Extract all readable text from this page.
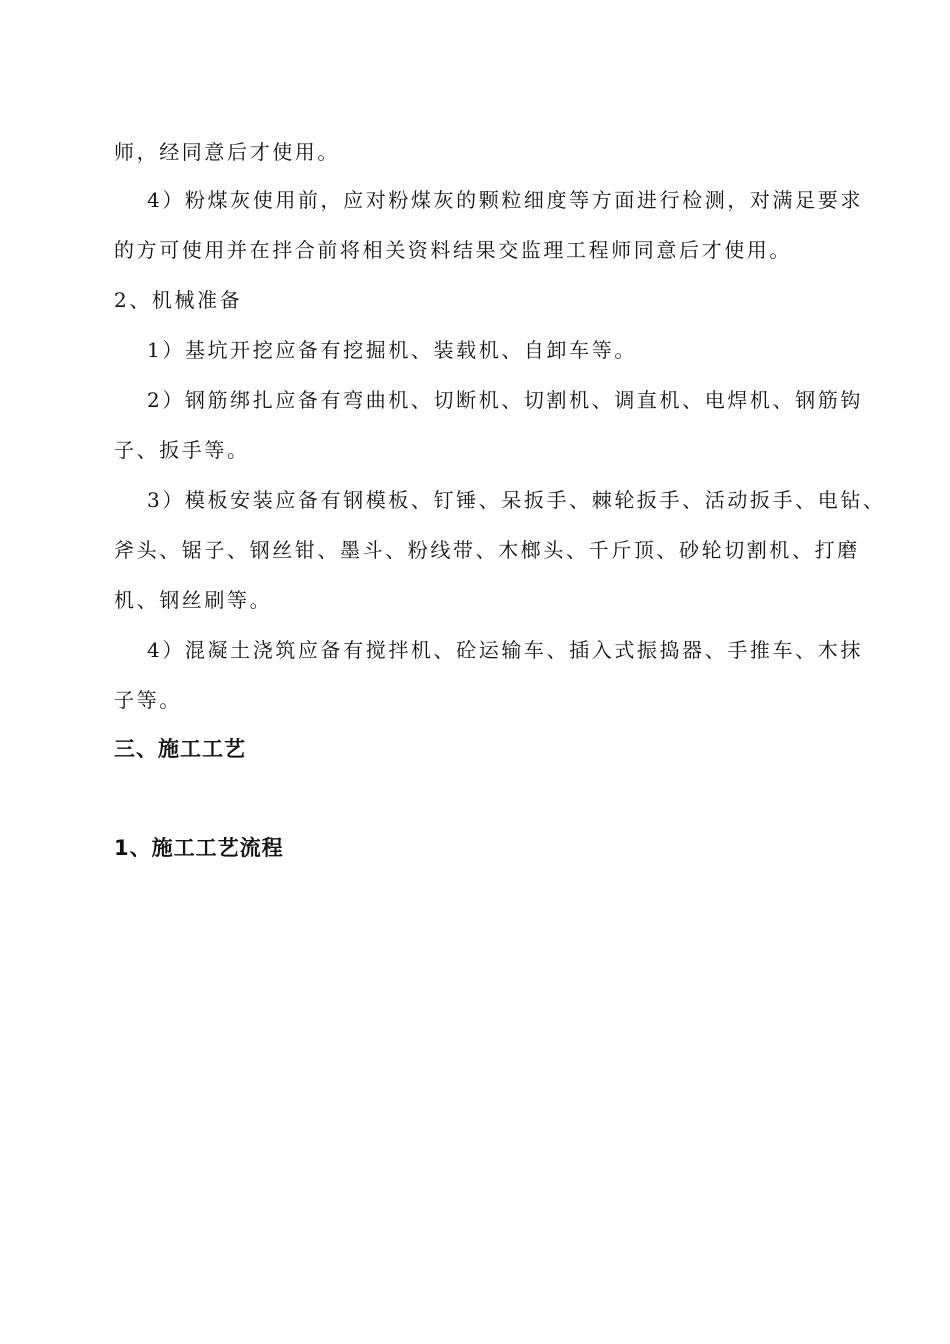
师，经同意后才使用。
4）粉煤灰使用前，应对粉煤灰的颗粒细度等方面进行检测，对满足要求
的方可使用并在拌合前将相关资料结果交监理工程师同意后才使用。
2、机械准备
1）基坑开挖应备有挖掘机、装载机、自卸车等。
2）钢筋绑扎应备有弯曲机、切断机、切割机、调直机、电焊机、钢筋钩
子、扳手等。
3）模板安装应备有钢模板、钉锤、呆扳手、棘轮扳手、活动扳手、电钻、
斧头、锯子、钢丝钳、墨斗、粉线带、木榔头、千斤顶、砂轮切割机、打磨
机、钢丝刷等。
4）混凝土浇筑应备有搅拌机、砼运输车、插入式振捣器、手推车、木抹
子等。
三、施工工艺
1、施工工艺流程
